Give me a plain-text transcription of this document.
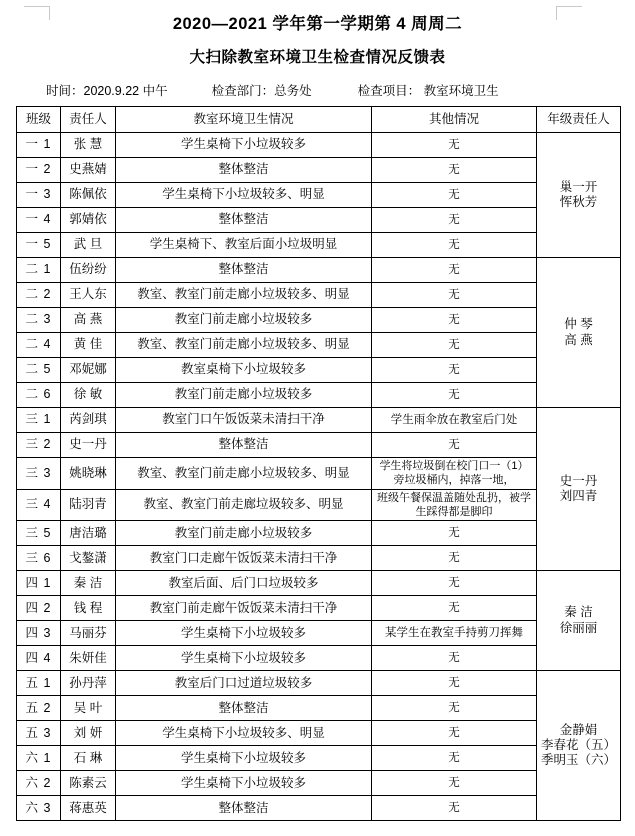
2020—2021 学年第一学期第 4 周周二
大扫除教室环境卫生检查情况反馈表
时间：2020.9.22 中午	检查部门：总务处	检查项目： 教室环境卫生
班级	责任人	教室环境卫生情况	其他情况	年级责任人
一 1	张 慧	学生桌椅下小垃圾较多	无	巢一开
恽秋芳

一 2	史燕婧	整体整洁	无	
一 3	陈佩依	学生桌椅下小垃圾较多、明显	无	
一 4	郭婧依	整体整洁	无	
一 5	武 旦	学生桌椅下、教室后面小垃圾明显	无	
二 1	伍纷纷	整体整洁	无	仲 琴
高 燕

二 2	王人东	教室、教室门前走廊小垃圾较多、明显	无	
二 3	高 燕	教室门前走廊小垃圾较多	无	
二 4	黄 佳	教室、教室门前走廊小垃圾较多、明显	无	
二 5	邓妮娜	教室桌椅下小垃圾较多	无	
二 6	徐 敏	教室门前走廊小垃圾较多	无	
三 1	芮剑琪	教室门口午饭饭菜未清扫干净	学生雨伞放在教室后门处	史一丹
刘四青

三 2	史一丹	整体整洁	无	
三 3	姚晓琳	教室、教室门前走廊小垃圾较多、明显	学生将垃圾倒在校门口一（1）旁垃圾桶内，掉落一地，	
三 4	陆羽青	教室、教室门前走廊垃圾较多、明显	班级午餐保温盖随处乱扔，被学生踩得都是脚印	
三 5	唐洁璐	教室门前走廊小垃圾较多	无	
三 6	戈鏊潇	教室门口走廊午饭饭菜未清扫干净	无	
四 1	秦 洁	教室后面、后门口垃圾较多	无	秦 洁
徐丽丽

四 2	钱 程	教室门前走廊午饭饭菜未清扫干净	无	
四 3	马丽芬	学生桌椅下小垃圾较多	某学生在教室手持剪刀挥舞	
四 4	朱妍佳	学生桌椅下小垃圾较多	无	
五 1	孙丹萍	教室后门口过道垃圾较多	无	金静娟
李春花（五）
季明玉（六）

五 2	吴 叶	整体整洁	无	
五 3	刘 妍	学生桌椅下小垃圾较多、明显	无	
六 1	石 琳	学生桌椅下小垃圾较多	无	
六 2	陈素云	学生桌椅下小垃圾较多	无	
六 3	蒋惠英	整体整洁	无	
